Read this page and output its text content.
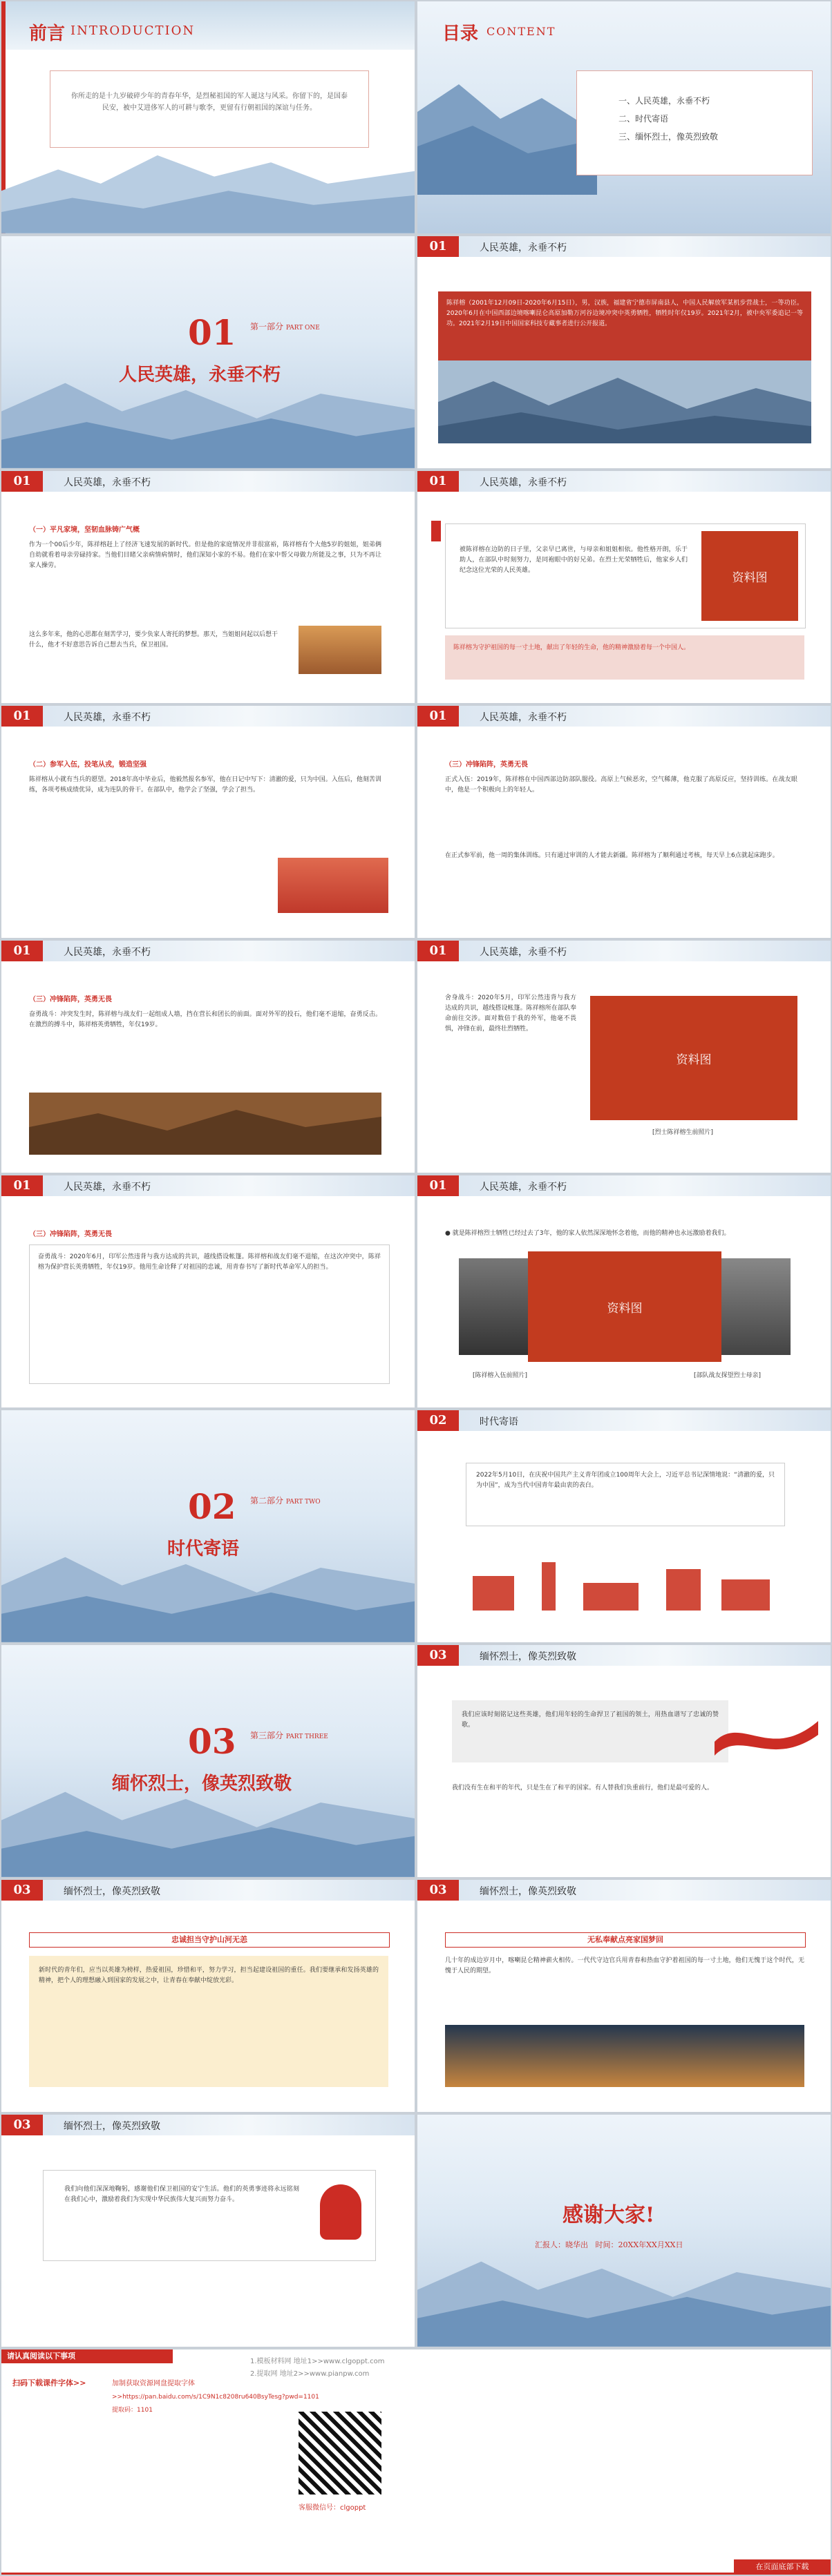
前言 INTRODUCTION
你所走的是十九岁破碎少年的青春年华，是烈秘祖国的军人诞这与风采。你留下的，是国泰民安，被中艾进侈军人的可耕与歌李，更留有行朝祖国的深谊与任务。
目录 CONTENT
一、人民英雄，永垂不朽
二、时代寄语
三、缅怀烈士，像英烈致敬
01 第一部分 PART ONE
人民英雄，永垂不朽
01	人民英雄，永垂不朽
陈祥榕（2001年12月09日-2020年6月15日），男，汉族，福建省宁德市屏南县人，中国人民解放军某机步营战士，一等功臣。2020年6月在中国西部边境喀喇昆仑高原加勒万河谷边境冲突中英勇牺牲，牺牲时年仅19岁。2021年2月，被中央军委追记一等功。2021年2月19日中国国家科技专藏事者进行公开报道。
01	人民英雄，永垂不朽
（一）平凡家境，坚韧血脉铸广气概
作为一个00后少年，陈祥榕赶上了经济飞速发展的新时代。但是他的家庭情况并非很富裕，陈祥榕有个大他5岁的姐姐，姐弟俩自幼就看着母亲劳碌持家。当他们目睹父亲病情病情时，他们深知小家的不易。他们在家中帮父母做力所能及之事，只为不再让家人操劳。
这么多年来，他的心思都在刻苦学习，要少负家人寄托的梦想。那天，当姐姐问起以后想干什么，他才不好意思告诉自己想去当兵，保卫祖国。
01	人民英雄，永垂不朽
被陈祥榕在边防的日子里，父亲早已离世，与母亲和姐姐相依。他性格开朗，乐于助人，在部队中时刻努力，是同袍眼中的好兄弟。在烈士光荣牺牲后，他家乡人们纪念这位光荣的人民英雄。
资料图
陈祥榕为守护祖国的每一寸土地，献出了年轻的生命，他的精神激励着每一个中国人。
01	人民英雄，永垂不朽
（二）参军入伍，投笔从戎，锻造坚强
陈祥榕从小就有当兵的愿望。2018年高中毕业后，他毅然报名参军，他在日记中写下：清澈的爱，只为中国。入伍后，他刻苦训练，各项考核成绩优异，成为连队的骨干。在部队中，他学会了坚强，学会了担当。
01	人民英雄，永垂不朽
（三）冲锋陷阵，英勇无畏
正式入伍：2019年，陈祥榕在中国西部边防部队服役。高原上气候恶劣，空气稀薄，他克服了高原反应，坚持训练。在战友眼中，他是一个积极向上的年轻人。
在正式参军前，他一周的集体训练。只有通过审训的人才能去新疆。陈祥榕为了顺利通过考核，每天早上6点就起床跑步。
01	人民英雄，永垂不朽
（三）冲锋陷阵，英勇无畏
奋勇战斗：冲突发生时，陈祥榕与战友们一起组成人墙，挡在营长和团长的前面。面对外军的投石，他们毫不退缩，奋勇反击。在激烈的搏斗中，陈祥榕英勇牺牲，年仅19岁。
01	人民英雄，永垂不朽
舍身战斗：2020年5月，印军公然违背与我方达成的共识，越线搭设帐篷。陈祥榕所在部队奉命前往交涉。面对数倍于我的外军，他毫不畏惧，冲锋在前，最终壮烈牺牲。
资料图
[烈士陈祥榕生前照片]
01	人民英雄，永垂不朽
（三）冲锋陷阵，英勇无畏
奋勇战斗：2020年6月，印军公然违背与我方达成的共识，越线搭设帐篷。陈祥榕和战友们毫不退缩，在这次冲突中，陈祥榕为保护营长英勇牺牲，年仅19岁。他用生命诠释了对祖国的忠诚，用青春书写了新时代革命军人的担当。
01	人民英雄，永垂不朽
● 就是陈祥榕烈士牺牲已经过去了3年，他的家人依然深深地怀念着他，而他的精神也永远激励着我们。
资料图
[陈祥榕入伍前照片]	[部队战友探望烈士母亲]
02 第二部分 PART TWO
时代寄语
02	时代寄语
2022年5月10日，在庆祝中国共产主义青年团成立100周年大会上，习近平总书记深情地说：“清澈的爱，只为中国”，成为当代中国青年最由衷的表白。
03 第三部分 PART THREE
缅怀烈士，像英烈致敬
03	缅怀烈士，像英烈致敬
我们应该时刻铭记这些英雄，他们用年轻的生命捍卫了祖国的领土，用热血谱写了忠诚的赞歌。
我们没有生在和平的年代，只是生在了和平的国家。有人替我们负重前行，他们是最可爱的人。
03	缅怀烈士，像英烈致敬
忠诚担当守护山河无恙
新时代的青年们，应当以英雄为榜样，热爱祖国，珍惜和平，努力学习，担当起建设祖国的重任。我们要继承和发扬英雄的精神，把个人的理想融入到国家的发展之中，让青春在奉献中绽放光彩。
03	缅怀烈士，像英烈致敬
无私奉献点亮家国梦回
几十年的成边岁月中，喀喇昆仑精神薪火相传。一代代守边官兵用青春和热血守护着祖国的每一寸土地，他们无愧于这个时代，无愧于人民的期望。
03	缅怀烈士，像英烈致敬
我们向他们深深地鞠躬，感谢他们保卫祖国的安宁生活。他们的英勇事迹将永远铭刻在我们心中，激励着我们为实现中华民族伟大复兴而努力奋斗。
感谢大家!
汇报人：晓华出 时间：20XX年XX月XX日
请认真阅读以下事项
1.模板材料网 地址1>>www.clgoppt.com
2.提取网 地址2>>www.pianpw.com
扫码下载课件字体>>	加制获取资源网盘提取字体
>>https://pan.baidu.com/s/1C9N1c8208ru640BsyTesg?pwd=1101
提取码：1101
客服微信号：clgoppt
在页面底部下载
